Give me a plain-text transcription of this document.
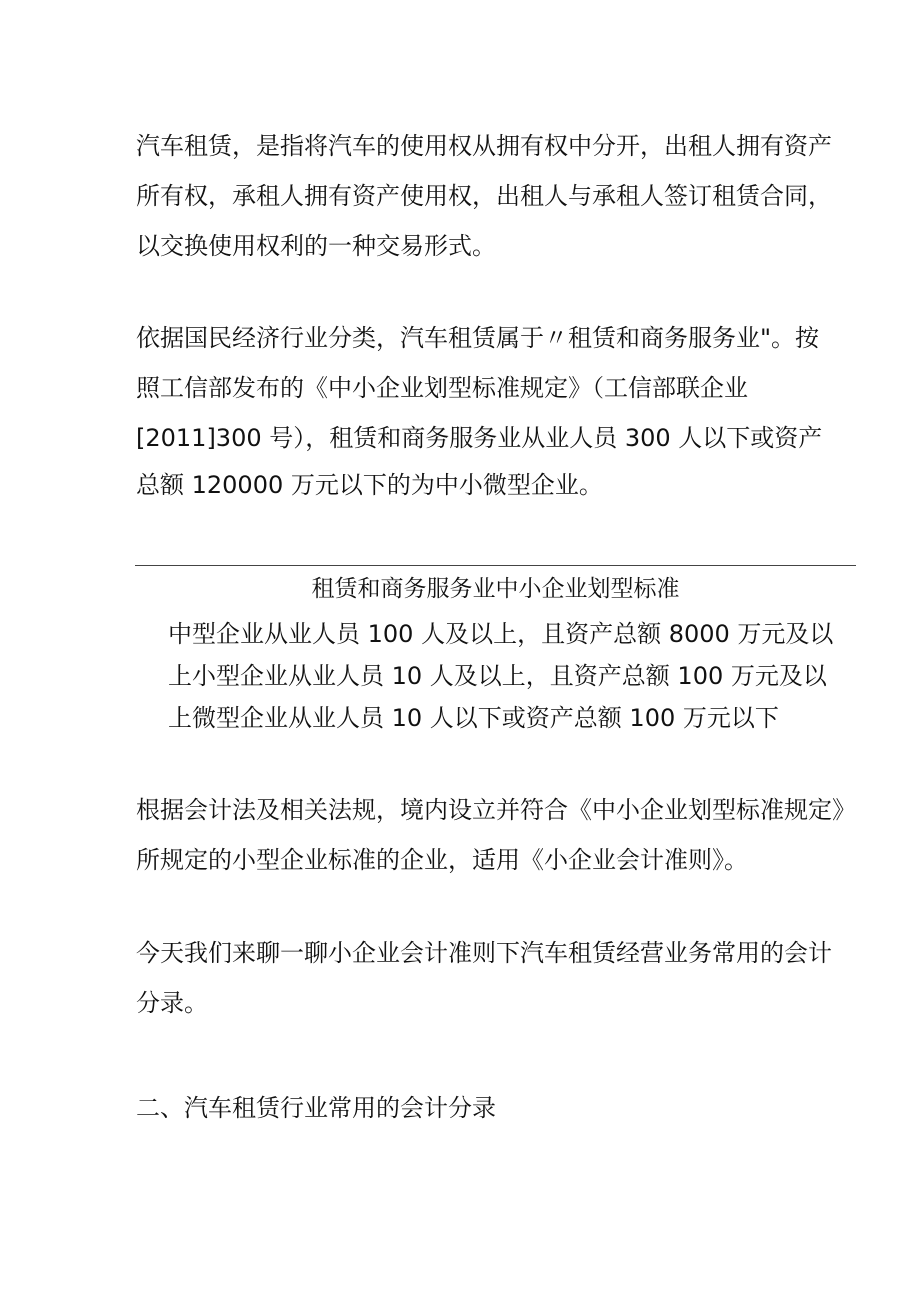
汽车租赁，是指将汽车的使用权从拥有权中分开，出租人拥有资产
所有权，承租人拥有资产使用权，出租人与承租人签订租赁合同，
以交换使用权利的一种交易形式。
依据国民经济行业分类，汽车租赁属于〃租赁和商务服务业"。按
照工信部发布的《中小企业划型标准规定》（工信部联企业
[2011]300 号），租赁和商务服务业从业人员 300 人以下或资产
总额 120000 万元以下的为中小微型企业。
租赁和商务服务业中小企业划型标准
中型企业从业人员 100 人及以上，且资产总额 8000 万元及以
上小型企业从业人员 10 人及以上，且资产总额 100 万元及以
上微型企业从业人员 10 人以下或资产总额 100 万元以下
根据会计法及相关法规，境内设立并符合《中小企业划型标准规定》
所规定的小型企业标准的企业，适用《小企业会计准则》。
今天我们来聊一聊小企业会计准则下汽车租赁经营业务常用的会计
分录。
二、汽车租赁行业常用的会计分录
